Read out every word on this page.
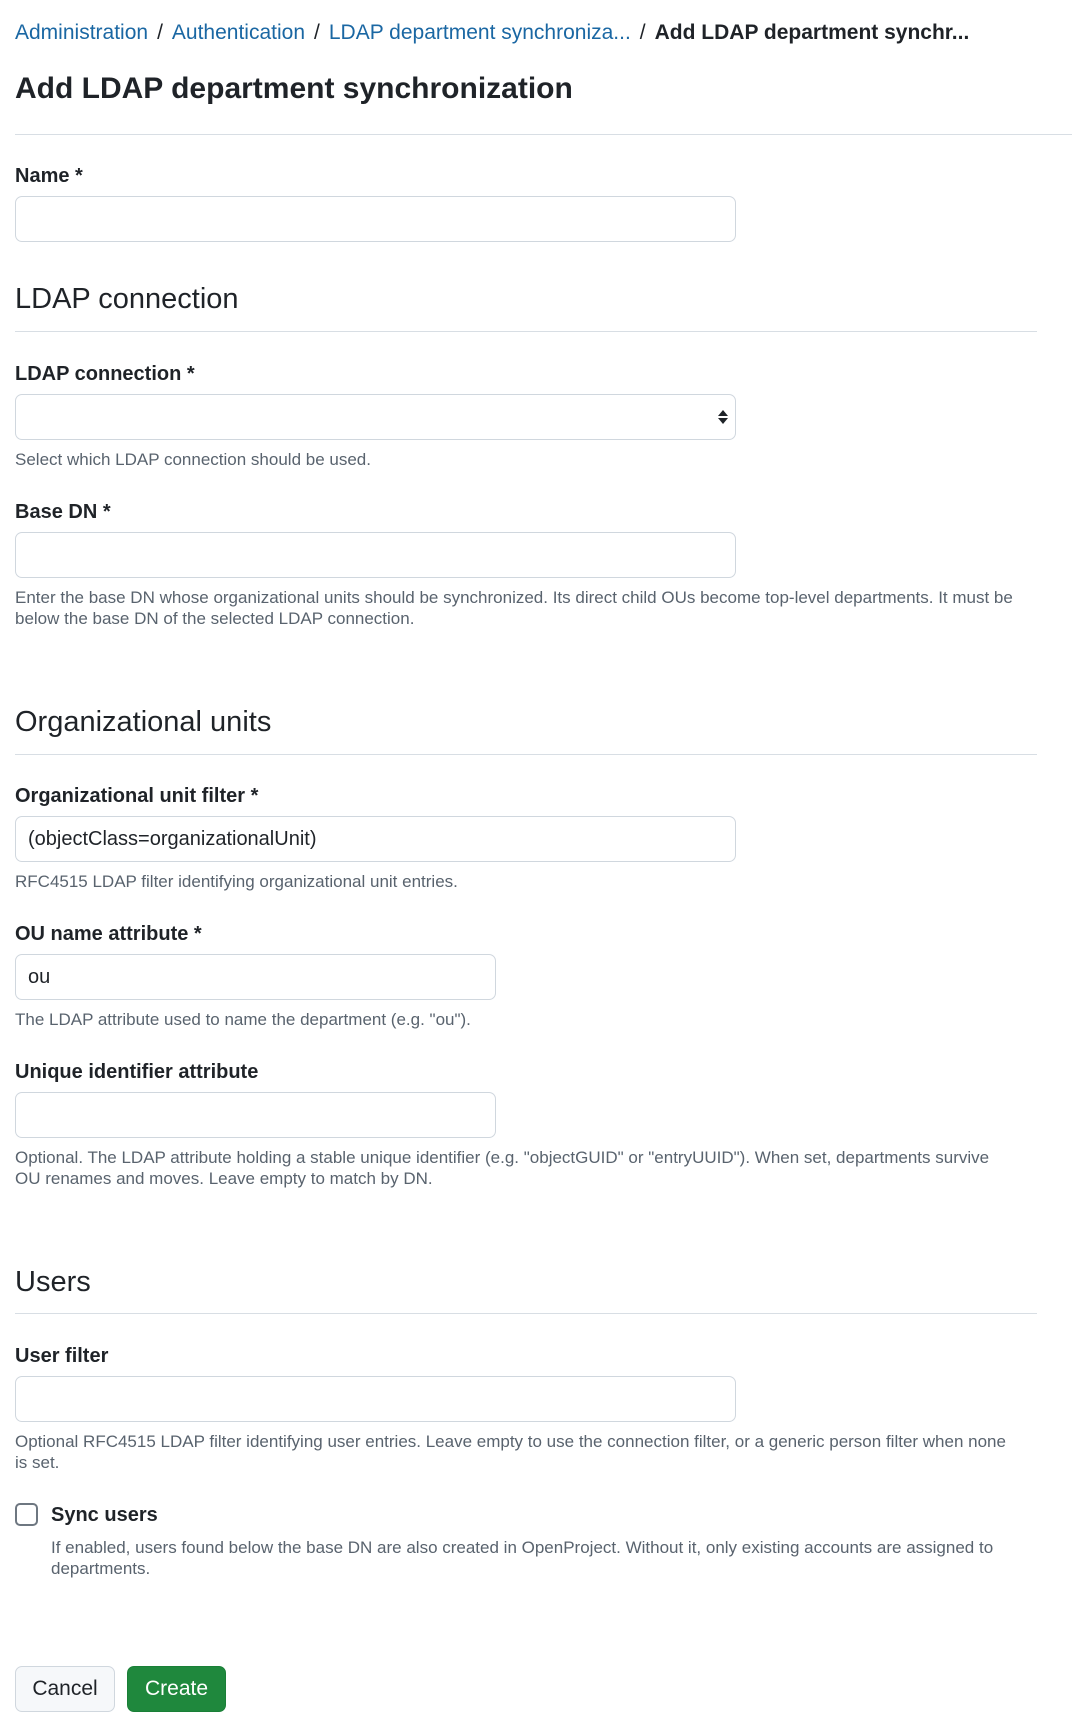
Administration / Authentication / LDAP department synchroniza... / Add LDAP department synchr...
Add LDAP department synchronization
Name *
LDAP connection
LDAP connection *
Select which LDAP connection should be used.
Base DN *
Enter the base DN whose organizational units should be synchronized. Its direct child OUs become top-level departments. It must be below the base DN of the selected LDAP connection.
Organizational units
Organizational unit filter *
(objectClass=organizationalUnit)
RFC4515 LDAP filter identifying organizational unit entries.
OU name attribute *
ou
The LDAP attribute used to name the department (e.g. "ou").
Unique identifier attribute
Optional. The LDAP attribute holding a stable unique identifier (e.g. "objectGUID" or "entryUUID"). When set, departments survive OU renames and moves. Leave empty to match by DN.
Users
User filter
Optional RFC4515 LDAP filter identifying user entries. Leave empty to use the connection filter, or a generic person filter when none is set.
Sync users
If enabled, users found below the base DN are also created in OpenProject. Without it, only existing accounts are assigned to departments.
Cancel	Create
